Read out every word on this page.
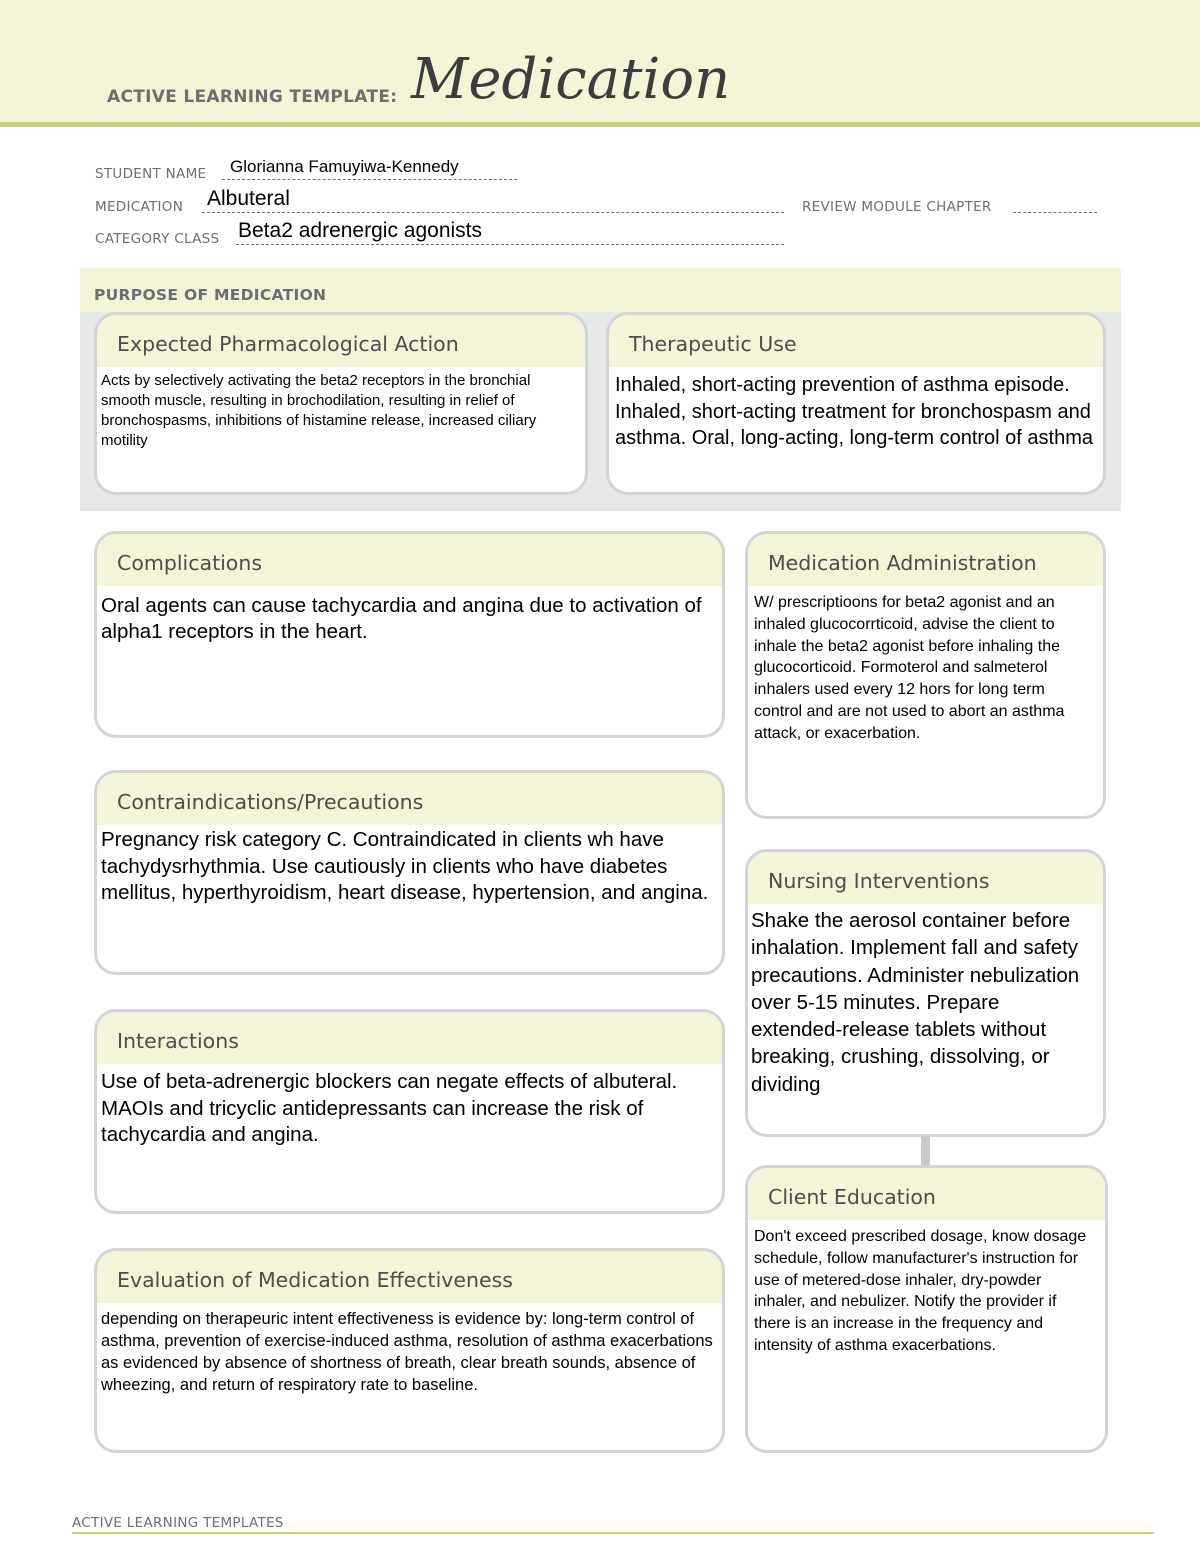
ACTIVE LEARNING TEMPLATE: Medication
STUDENT NAME Glorianna Famuyiwa-Kennedy
MEDICATION Albuteral	REVIEW MODULE CHAPTER
CATEGORY CLASS Beta2 adrenergic agonists
PURPOSE OF MEDICATION
Expected Pharmacological Action
Acts by selectively activating the beta2 receptors in the bronchial smooth muscle, resulting in brochodilation, resulting in relief of bronchospasms, inhibitions of histamine release, increased ciliary motility
Therapeutic Use
Inhaled, short-acting prevention of asthma episode. Inhaled, short-acting treatment for bronchospasm and asthma. Oral, long-acting, long-term control of asthma
Complications
Oral agents can cause tachycardia and angina due to activation of alpha1 receptors in the heart.
Contraindications/Precautions
Pregnancy risk category C. Contraindicated in clients wh have tachydysrhythmia. Use cautiously in clients who have diabetes mellitus, hyperthyroidism, heart disease, hypertension, and angina.
Interactions
Use of beta-adrenergic blockers can negate effects of albuteral. MAOIs and tricyclic antidepressants can increase the risk of tachycardia and angina.
Evaluation of Medication Effectiveness
depending on therapeuric intent effectiveness is evidence by: long-term control of asthma, prevention of exercise-induced asthma, resolution of asthma exacerbations as evidenced by absence of shortness of breath, clear breath sounds, absence of wheezing, and return of respiratory rate to baseline.
Medication Administration
W/ prescriptioons for beta2 agonist and an inhaled glucocorrticoid, advise the client to inhale the beta2 agonist before inhaling the glucocorticoid. Formoterol and salmeterol inhalers used every 12 hors for long term control and are not used to abort an asthma attack, or exacerbation.
Nursing Interventions
Shake the aerosol container before inhalation. Implement fall and safety precautions. Administer nebulization over 5-15 minutes. Prepare extended-release tablets without breaking, crushing, dissolving, or dividing
Client Education
Don't exceed prescribed dosage, know dosage schedule, follow manufacturer's instruction for use of metered-dose inhaler, dry-powder inhaler, and nebulizer. Notify the provider if there is an increase in the frequency and intensity of asthma exacerbations.
ACTIVE LEARNING TEMPLATES
